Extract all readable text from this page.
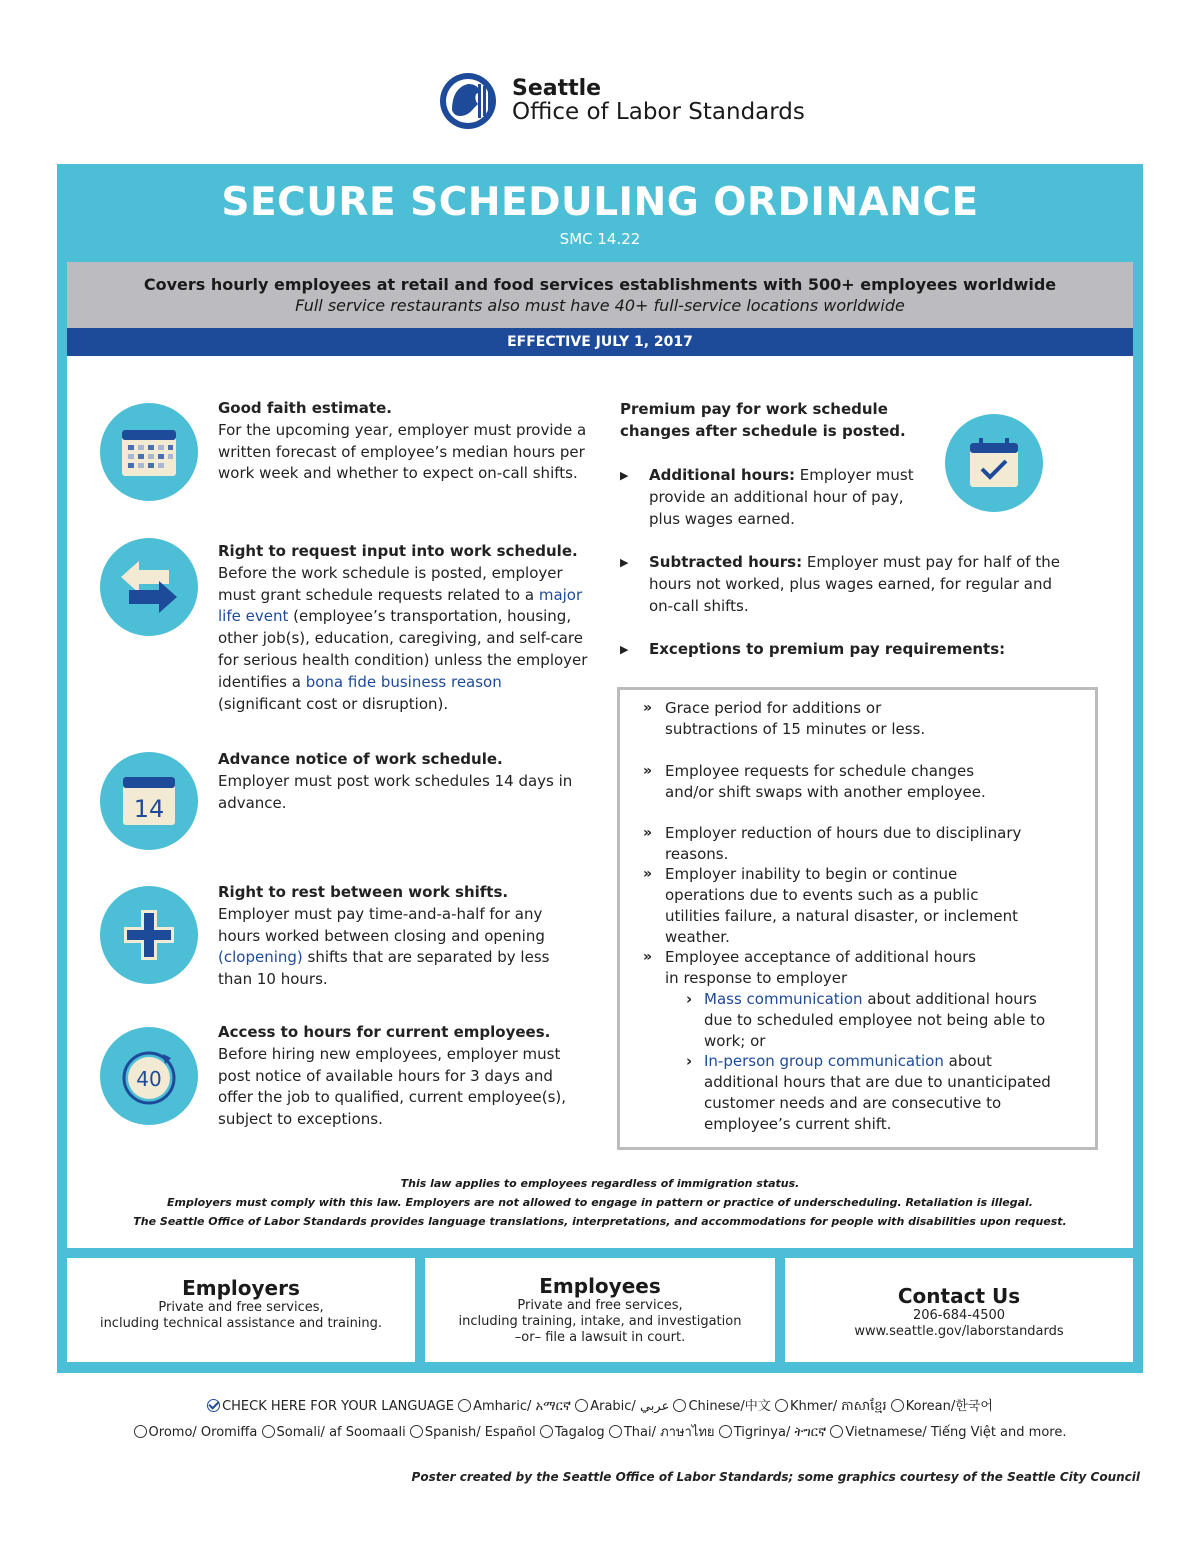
Seattle
Office of Labor Standards
SECURE SCHEDULING ORDINANCE
SMC 14.22
Covers hourly employees at retail and food services establishments with 500+ employees worldwide
Full service restaurants also must have 40+ full-service locations worldwide
EFFECTIVE JULY 1, 2017
14
40
Good faith estimate.
For the upcoming year, employer must provide a written forecast of employee’s median hours per work week and whether to expect on-call shifts.
Right to request input into work schedule.
Before the work schedule is posted, employer must grant schedule requests related to a major life event (employee’s transportation, housing, other job(s), education, caregiving, and self-care for serious health condition) unless the employer identifies a bona fide business reason (significant cost or disruption).
Advance notice of work schedule.
Employer must post work schedules 14 days in advance.
Right to rest between work shifts.
Employer must pay time-and-a-half for any hours worked between closing and opening (clopening) shifts that are separated by less than 10 hours.
Access to hours for current employees.
Before hiring new employees, employer must post notice of available hours for 3 days and offer the job to qualified, current employee(s), subject to exceptions.
Premium pay for work schedule changes after schedule is posted.
▶	Additional hours: Employer must provide an additional hour of pay, plus wages earned.
▶	Subtracted hours: Employer must pay for half of the hours not worked, plus wages earned, for regular and on-call shifts.
▶	Exceptions to premium pay requirements:
» Grace period for additions or subtractions of 15 minutes or less.
» Employee requests for schedule changes and/or shift swaps with another employee.
» Employer reduction of hours due to disciplinary reasons.
» Employer inability to begin or continue operations due to events such as a public utilities failure, a natural disaster, or inclement weather.
» Employee acceptance of additional hours in response to employer
› Mass communication about additional hours due to scheduled employee not being able to work; or
› In-person group communication about additional hours that are due to unanticipated customer needs and are consecutive to employee’s current shift.
This law applies to employees regardless of immigration status.
Employers must comply with this law. Employers are not allowed to engage in pattern or practice of underscheduling. Retaliation is illegal.
The Seattle Office of Labor Standards provides language translations, interpretations, and accommodations for people with disabilities upon request.
Employers
Private and free services,
including technical assistance and training.
Employees
Private and free services,
including training, intake, and investigation
–or– file a lawsuit in court.
Contact Us
206-684-4500
www.seattle.gov/laborstandards
CHECK HERE FOR YOUR LANGUAGE Amharic/ አማርኛ Arabic/ عربي Chinese/中文 Khmer/ ភាសាខ្មែរ Korean/한국어
Oromo/ Oromiffa Somali/ af Soomaali Spanish/ Español Tagalog Thai/ ภาษาไทย Tigrinya/ ትግርኛ Vietnamese/ Tiếng Việt and more.
Poster created by the Seattle Office of Labor Standards; some graphics courtesy of the Seattle City Council
